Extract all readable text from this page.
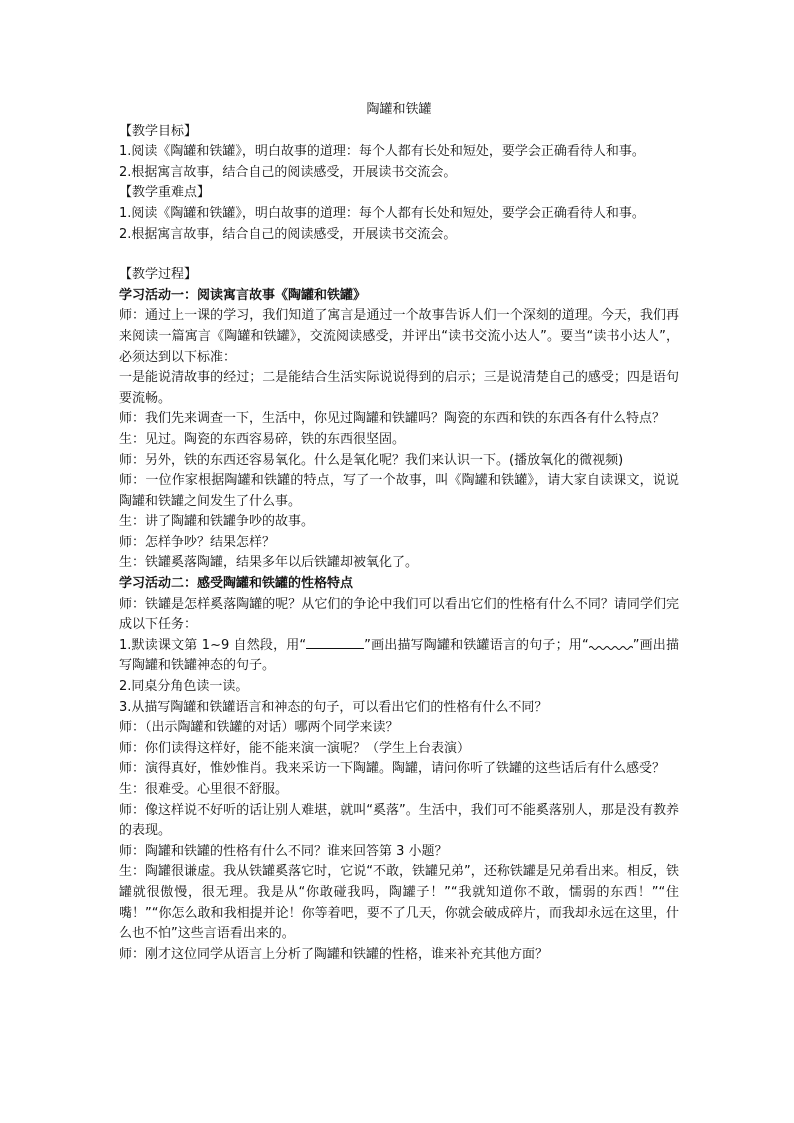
陶罐和铁罐

【教学目标】

1.阅读《陶罐和铁罐》，明白故事的道理：每个人都有长处和短处，要学会正确看待人和事。

2.根据寓言故事，结合自己的阅读感受，开展读书交流会。

【教学重难点】

1.阅读《陶罐和铁罐》，明白故事的道理：每个人都有长处和短处，要学会正确看待人和事。

2.根据寓言故事，结合自己的阅读感受，开展读书交流会。

【教学过程】

学习活动一：阅读寓言故事《陶罐和铁罐》

师：通过上一课的学习，我们知道了寓言是通过一个故事告诉人们一个深刻的道理。今天，我们再来阅读一篇寓言《陶罐和铁罐》，交流阅读感受，并评出“读书交流小达人”。要当“读书小达人”，必须达到以下标准：

一是能说清故事的经过；二是能结合生活实际说说得到的启示；三是说清楚自己的感受；四是语句要流畅。

师：我们先来调查一下，生活中，你见过陶罐和铁罐吗？陶瓷的东西和铁的东西各有什么特点？

生：见过。陶瓷的东西容易碎，铁的东西很坚固。

师：另外，铁的东西还容易氧化。什么是氧化呢？我们来认识一下。(播放氧化的微视频)

师：一位作家根据陶罐和铁罐的特点，写了一个故事，叫《陶罐和铁罐》，请大家自读课文，说说陶罐和铁罐之间发生了什么事。

生：讲了陶罐和铁罐争吵的故事。

师：怎样争吵？结果怎样？

生：铁罐奚落陶罐，结果多年以后铁罐却被氧化了。

学习活动二：感受陶罐和铁罐的性格特点

师：铁罐是怎样奚落陶罐的呢？从它们的争论中我们可以看出它们的性格有什么不同？请同学们完成以下任务：

1.默读课文第 1~9 自然段，用“	”画出描写陶罐和铁罐语言的句子；用“	”画出描写陶罐和铁罐神态的句子。

2.同桌分角色读一读。

3.从描写陶罐和铁罐语言和神态的句子，可以看出它们的性格有什么不同？

师：（出示陶罐和铁罐的对话）哪两个同学来读？

师：你们读得这样好，能不能来演一演呢？（学生上台表演）

师：演得真好，惟妙惟肖。我来采访一下陶罐。陶罐，请问你听了铁罐的这些话后有什么感受？

生：很难受。心里很不舒服。

师：像这样说不好听的话让别人难堪，就叫“奚落”。生活中，我们可不能奚落别人，那是没有教养的表现。

师：陶罐和铁罐的性格有什么不同？谁来回答第 3 小题？

生：陶罐很谦虚。我从铁罐奚落它时，它说“不敢，铁罐兄弟”，还称铁罐是兄弟看出来。相反，铁罐就很傲慢，很无理。我是从“你敢碰我吗，陶罐子！”“我就知道你不敢，懦弱的东西！”“住嘴！”“你怎么敢和我相提并论！你等着吧，要不了几天，你就会破成碎片，而我却永远在这里，什么也不怕”这些言语看出来的。

师：刚才这位同学从语言上分析了陶罐和铁罐的性格，谁来补充其他方面？
